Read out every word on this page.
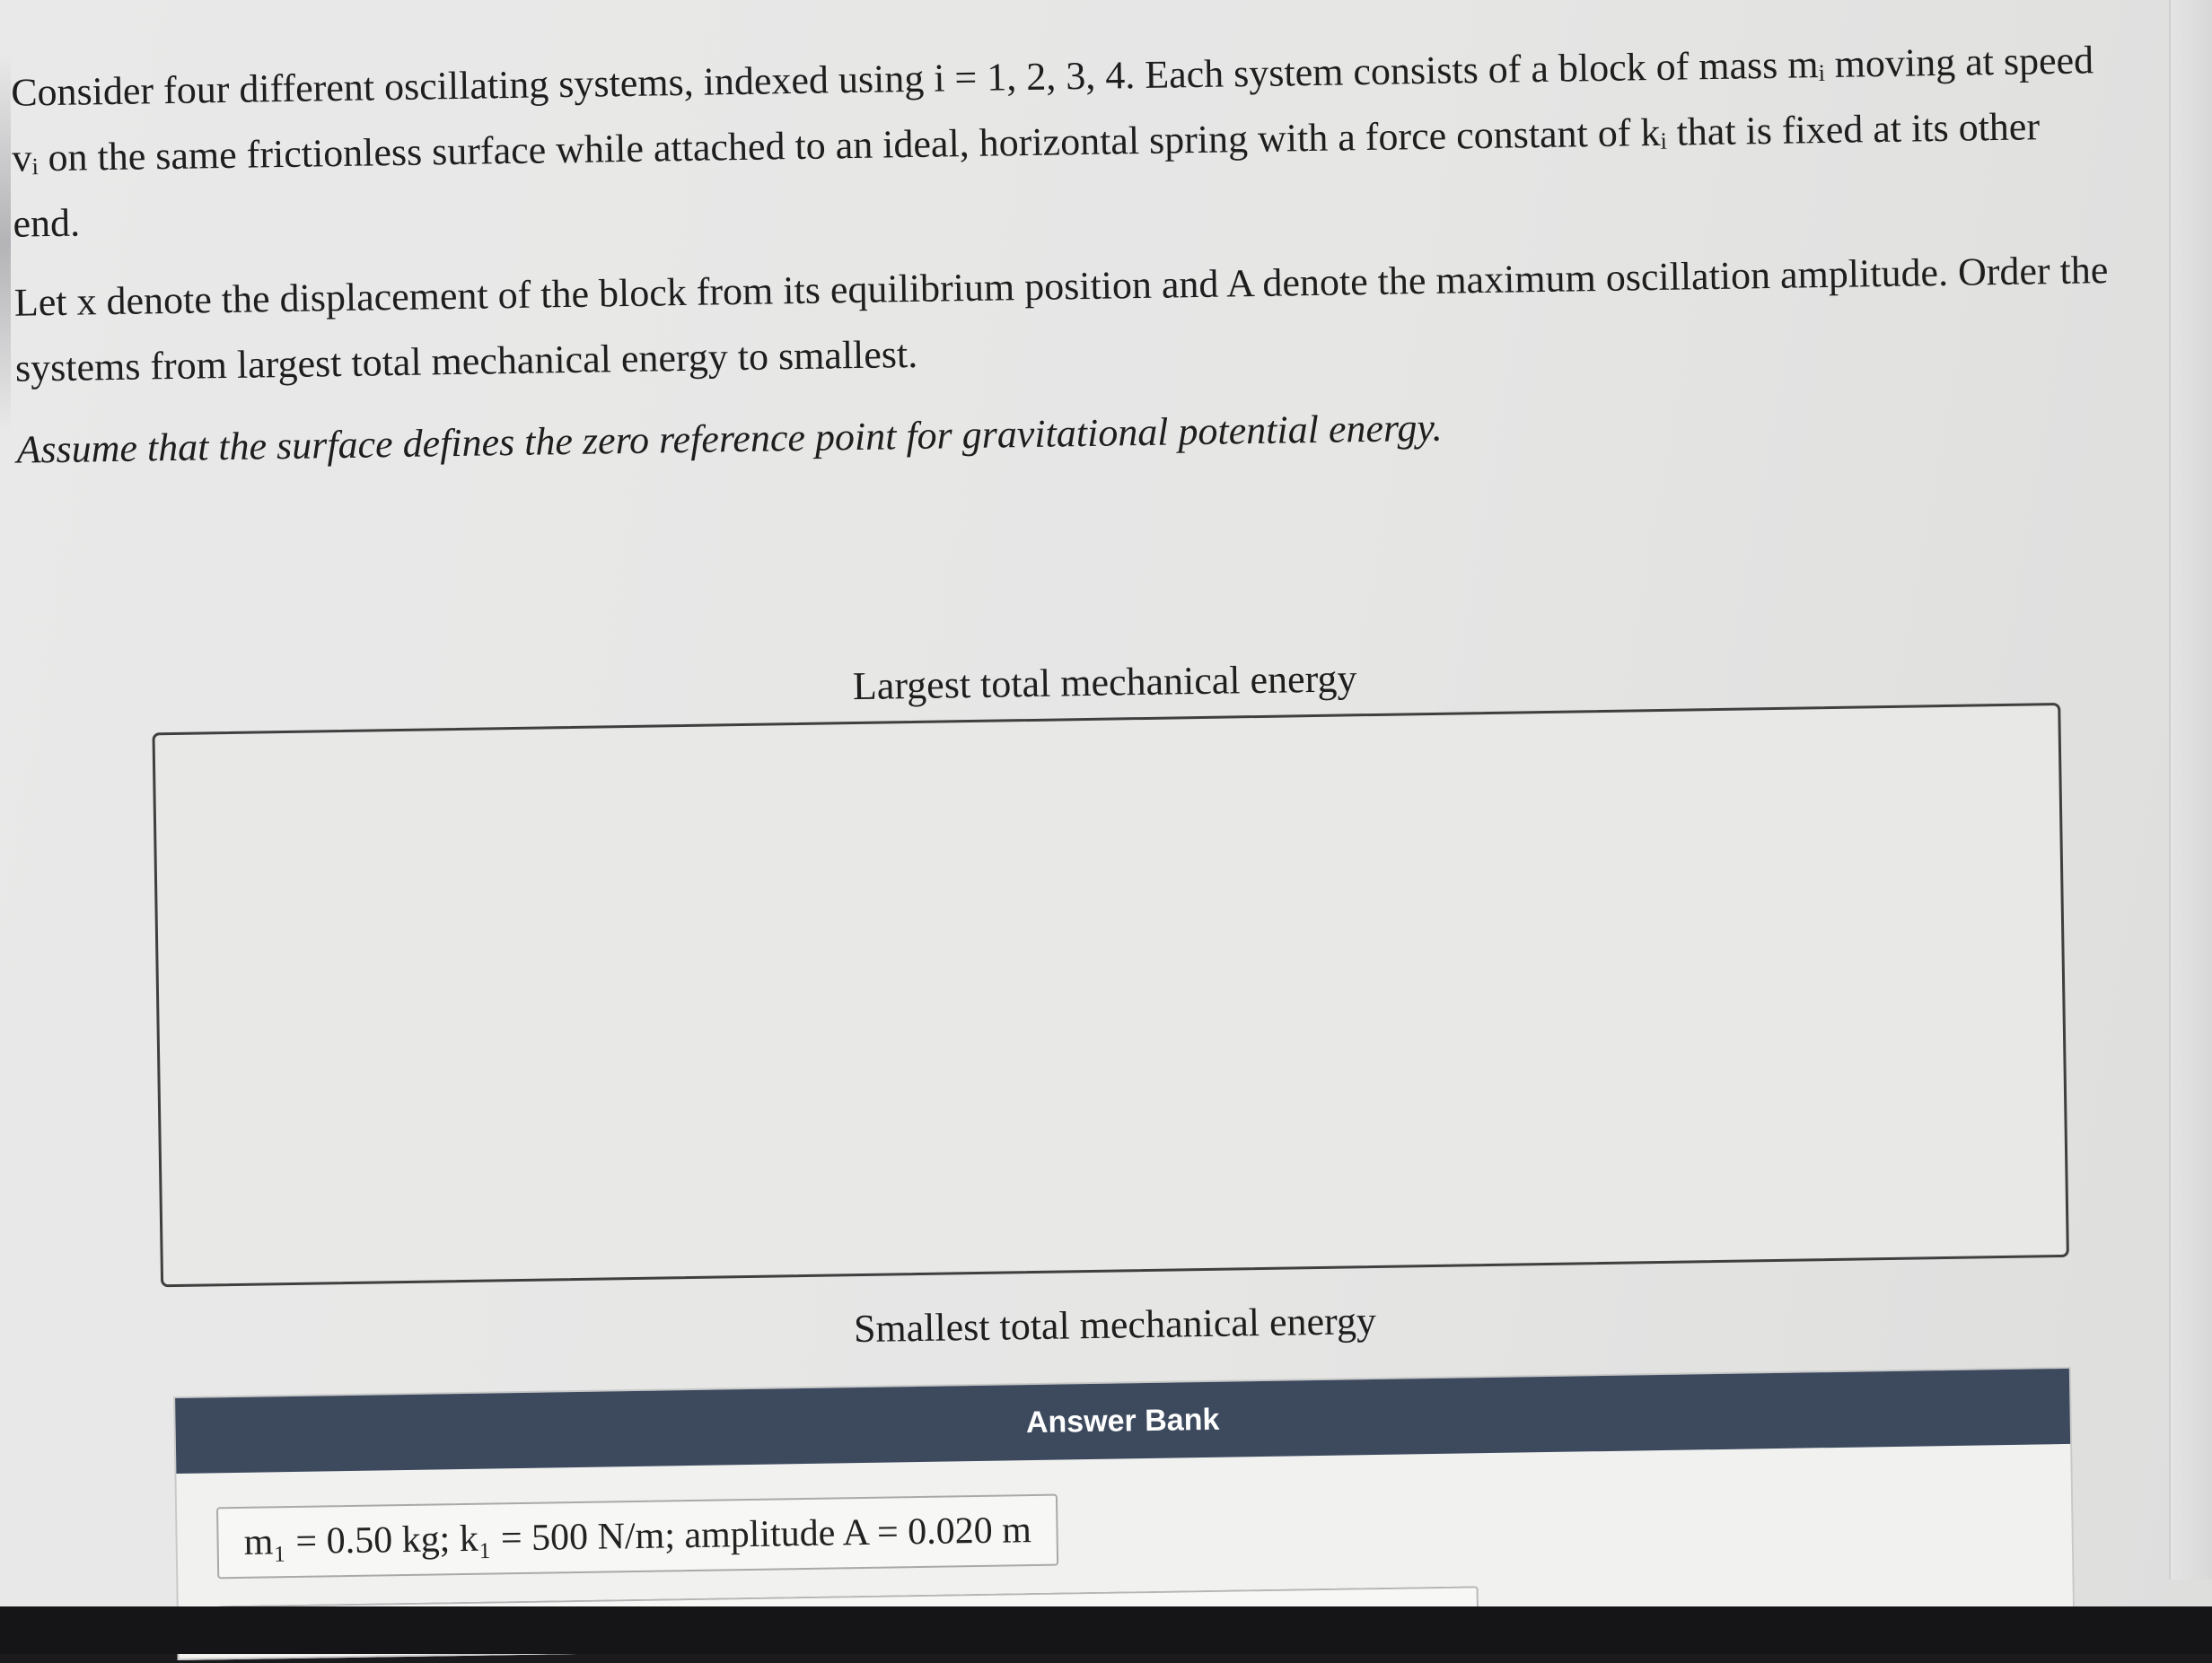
Consider four different oscillating systems, indexed using i = 1, 2, 3, 4. Each system consists of a block of mass mᵢ moving at speed vᵢ on the same frictionless surface while attached to an ideal, horizontal spring with a force constant of kᵢ that is fixed at its other end.

Let x denote the displacement of the block from its equilibrium position and A denote the maximum oscillation amplitude. Order the systems from largest total mechanical energy to smallest.

Assume that the surface defines the zero reference point for gravitational potential energy.

Largest total mechanical energy
Smallest total mechanical energy
Answer Bank
m₁ = 0.50 kg; k₁ = 500 N/m; amplitude A = 0.020 m
